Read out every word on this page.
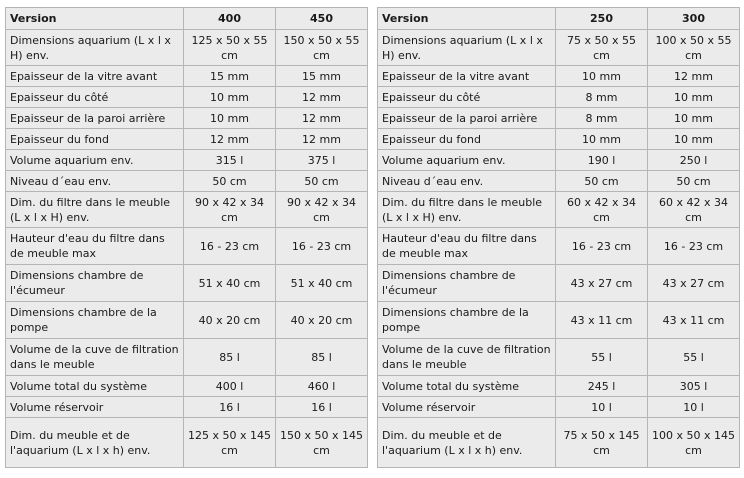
Version	400	450
Dimensions aquarium (L x l x H) env.	125 x 50 x 55 cm	150 x 50 x 55 cm
Epaisseur de la vitre avant	15 mm	15 mm
Epaisseur du côté	10 mm	12 mm
Epaisseur de la paroi arrière	10 mm	12 mm
Epaisseur du fond	12 mm	12 mm
Volume aquarium env.	315 l	375 l
Niveau d´eau env.	50 cm	50 cm
Dim. du filtre dans le meuble (L x l x H) env.	90 x 42 x 34 cm	90 x 42 x 34 cm
Hauteur d'eau du filtre dans de meuble max	16 - 23 cm	16 - 23 cm
Dimensions chambre de l'écumeur	51 x 40 cm	51 x 40 cm
Dimensions chambre de la pompe	40 x 20 cm	40 x 20 cm
Volume de la cuve de filtration dans le meuble	85 l	85 l
Volume total du système	400 l	460 l
Volume réservoir	16 l	16 l
Dim. du meuble et de l'aquarium (L x l x h) env.	125 x 50 x 145 cm	150 x 50 x 145 cm
Version	250	300
Dimensions aquarium (L x l x H) env.	75 x 50 x 55 cm	100 x 50 x 55 cm
Epaisseur de la vitre avant	10 mm	12 mm
Epaisseur du côté	8 mm	10 mm
Epaisseur de la paroi arrière	8 mm	10 mm
Epaisseur du fond	10 mm	10 mm
Volume aquarium env.	190 l	250 l
Niveau d´eau env.	50 cm	50 cm
Dim. du filtre dans le meuble (L x l x H) env.	60 x 42 x 34 cm	60 x 42 x 34 cm
Hauteur d'eau du filtre dans de meuble max	16 - 23 cm	16 - 23 cm
Dimensions chambre de l'écumeur	43 x 27 cm	43 x 27 cm
Dimensions chambre de la pompe	43 x 11 cm	43 x 11 cm
Volume de la cuve de filtration dans le meuble	55 l	55 l
Volume total du système	245 l	305 l
Volume réservoir	10 l	10 l
Dim. du meuble et de l'aquarium (L x l x h) env.	75 x 50 x 145 cm	100 x 50 x 145 cm
